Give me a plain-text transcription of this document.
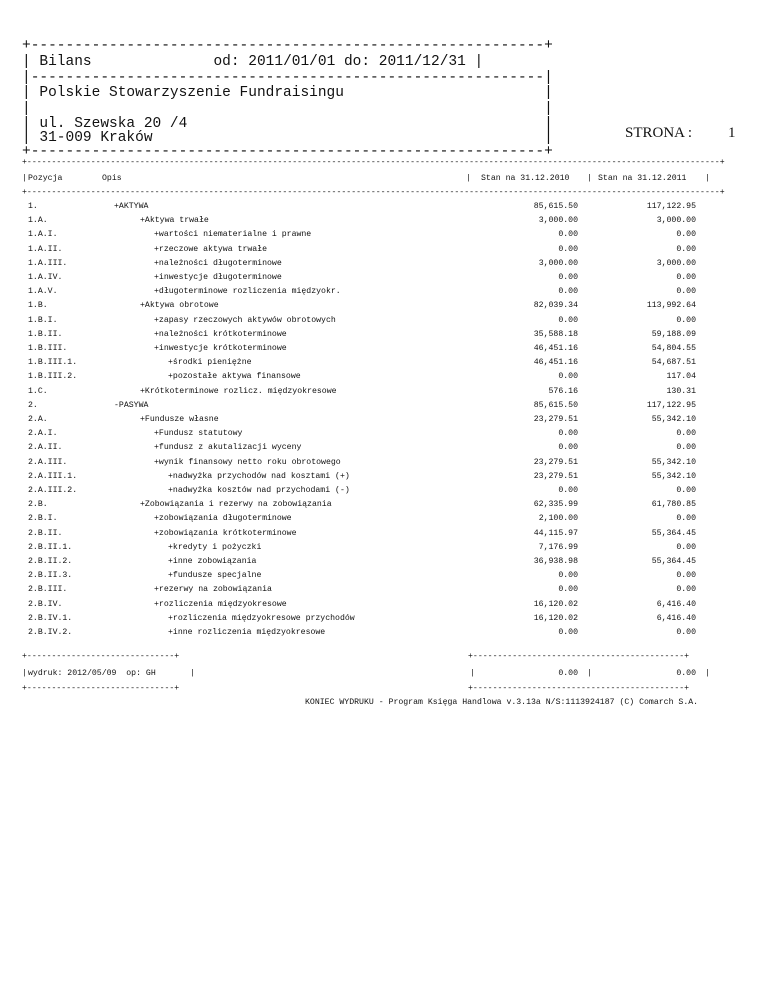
+-----------------------------------------------------------+
| Bilans	od: 2011/01/01 do: 2011/12/31 |
|-----------------------------------------------------------|
| Polskie Stowarzyszenie Fundraisingu                       |
|                                                           |
| ul. Szewska 20 /4                                         |
| 31-009 Kraków                                             |
+-----------------------------------------------------------+
STRONA : 1
+---------------------------------------------------------------------------------------------------------------------------------------------+
| Pozycja	Opis	| Stan na 31.12.2010 | Stan na 31.12.2011 |
+---------------------------------------------------------------------------------------------------------------------------------------------+
1.	+AKTYWA	85,615.50	117,122.95
1.A.	+Aktywa trwałe	3,000.00	3,000.00
1.A.I.	+wartości niematerialne i prawne	0.00	0.00
1.A.II.	+rzeczowe aktywa trwałe	0.00	0.00
1.A.III.	+należności długoterminowe	3,000.00	3,000.00
1.A.IV.	+inwestycje długoterminowe	0.00	0.00
1.A.V.	+długoterminowe rozliczenia międzyokr.	0.00	0.00
1.B.	+Aktywa obrotowe	82,039.34	113,992.64
1.B.I.	+zapasy rzeczowych aktywów obrotowych	0.00	0.00
1.B.II.	+należności krótkoterminowe	35,588.18	59,188.09
1.B.III.	+inwestycje krótkoterminowe	46,451.16	54,804.55
1.B.III.1.	+środki pieniężne	46,451.16	54,687.51
1.B.III.2.	+pozostałe aktywa finansowe	0.00	117.04
1.C.	+Krótkoterminowe rozlicz. międzyokresowe	576.16	130.31
2.	-PASYWA	85,615.50	117,122.95
2.A.	+Fundusze własne	23,279.51	55,342.10
2.A.I.	+Fundusz statutowy	0.00	0.00
2.A.II.	+fundusz z akutalizacji wyceny	0.00	0.00
2.A.III.	+wynik finansowy netto roku obrotowego	23,279.51	55,342.10
2.A.III.1.	+nadwyżka przychodów nad kosztami (+)	23,279.51	55,342.10
2.A.III.2.	+nadwyżka kosztów nad przychodami (-)	0.00	0.00
2.B.	+Zobowiązania i rezerwy na zobowiązania	62,335.99	61,780.85
2.B.I.	+zobowiązania długoterminowe	2,100.00	0.00
2.B.II.	+zobowiązania krótkoterminowe	44,115.97	55,364.45
2.B.II.1.	+kredyty i pożyczki	7,176.99	0.00
2.B.II.2.	+inne zobowiązania	36,938.98	55,364.45
2.B.II.3.	+fundusze specjalne	0.00	0.00
2.B.III.	+rezerwy na zobowiązania	0.00	0.00
2.B.IV.	+rozliczenia międzyokresowe	16,120.02	6,416.40
2.B.IV.1.	+rozliczenia międzyokresowe przychodów	16,120.02	6,416.40
2.B.IV.2.	+inne rozliczenia międzyokresowe	0.00	0.00
+------------------------------+	+-------------------------------------------+
| wydruk: 2012/05/09  op: GH	|	|	0.00 |	0.00 |
+------------------------------+	+-------------------------------------------+
KONIEC WYDRUKU - Program Księga Handlowa v.3.13a N/S:1113924187 (C) Comarch S.A.
